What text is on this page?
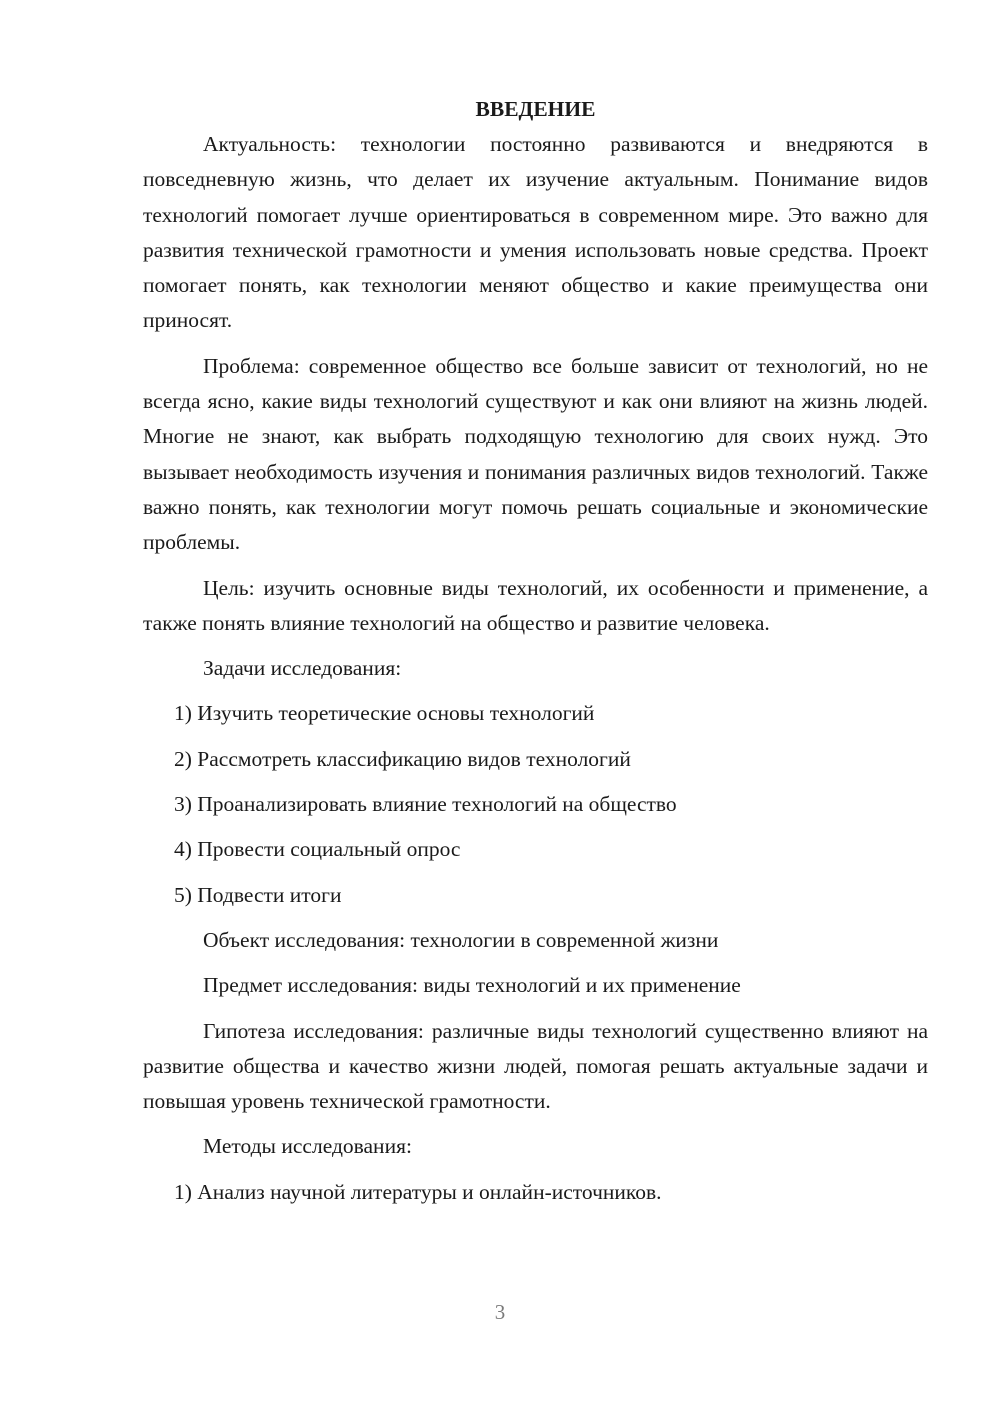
ВВЕДЕНИЕ

Актуальность: технологии постоянно развиваются и внедряются в повседневную жизнь, что делает их изучение актуальным. Понимание видов технологий помогает лучше ориентироваться в современном мире. Это важно для развития технической грамотности и умения использовать новые средства. Проект помогает понять, как технологии меняют общество и какие преимущества они приносят.

Проблема: современное общество все больше зависит от технологий, но не всегда ясно, какие виды технологий существуют и как они влияют на жизнь людей. Многие не знают, как выбрать подходящую технологию для своих нужд. Это вызывает необходимость изучения и понимания различных видов технологий. Также важно понять, как технологии могут помочь решать социальные и экономические проблемы.

Цель: изучить основные виды технологий, их особенности и применение, а также понять влияние технологий на общество и развитие человека.

Задачи исследования:
1) Изучить теоретические основы технологий
2) Рассмотреть классификацию видов технологий
3) Проанализировать влияние технологий на общество
4) Провести социальный опрос
5) Подвести итоги
Объект исследования: технологии в современной жизни
Предмет исследования: виды технологий и их применение

Гипотеза исследования: различные виды технологий существенно влияют на развитие общества и качество жизни людей, помогая решать актуальные задачи и повышая уровень технической грамотности.

Методы исследования:
1) Анализ научной литературы и онлайн-источников.
3
